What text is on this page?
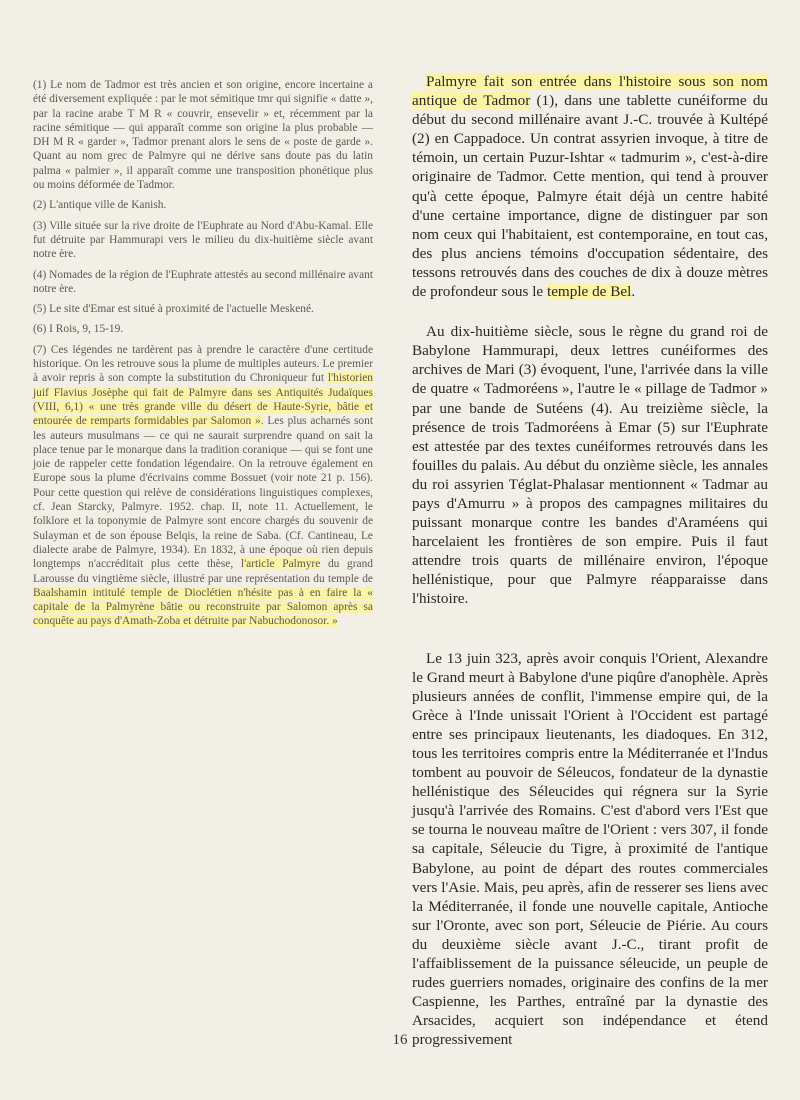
(1) Le nom de Tadmor est très ancien et son origine, encore incertaine a été diversement expliquée : par le mot sémitique tmr qui signifie « datte », par la racine arabe T M R « couvrir, ensevelir » et, récemment par la racine sémitique — qui apparaît comme son origine la plus probable — DH M R « garder », Tadmor prenant alors le sens de « poste de garde ». Quant au nom grec de Palmyre qui ne dérive sans doute pas du latin palma « palmier », il apparaît comme une transposition phonétique plus ou moins déformée de Tadmor.

(2) L'antique ville de Kanish.

(3) Ville située sur la rive droite de l'Euphrate au Nord d'Abu-Kamal. Elle fut détruite par Hammurapi vers le milieu du dix-huitième siècle avant notre ère.

(4) Nomades de la région de l'Euphrate attestés au second millénaire avant notre ère.

(5) Le site d'Emar est situé à proximité de l'actuelle Meskené.

(6) I Rois, 9, 15-19.

(7) Ces légendes ne tardèrent pas à prendre le caractère d'une certitude historique. On les retrouve sous la plume de multiples auteurs. Le premier à avoir repris à son compte la substitution du Chroniqueur fut l'historien juif Flavius Josèphe qui fait de Palmyre dans ses Antiquités Judaïques (VIII, 6,1) « une très grande ville du désert de Haute-Syrie, bâtie et entourée de remparts formidables par Salomon ». Les plus acharnés sont les auteurs musulmans — ce qui ne saurait surprendre quand on sait la place tenue par le monarque dans la tradition coranique — qui se font une joie de rappeler cette fondation légendaire. On la retrouve également en Europe sous la plume d'écrivains comme Bossuet (voir note 21 p. 156). Pour cette question qui relève de considérations linguistiques complexes, cf. Jean Starcky, Palmyre. 1952. chap. II, note 11. Actuellement, le folklore et la toponymie de Palmyre sont encore chargés du souvenir de Sulayman et de son épouse Belqis, la reine de Saba. (Cf. Cantineau, Le dialecte arabe de Palmyre, 1934). En 1832, à une époque où rien depuis longtemps n'accréditait plus cette thèse, l'article Palmyre du grand Larousse du vingtième siècle, illustré par une représentation du temple de Baalshamin intitulé temple de Dioclétien n'hésite pas à en faire la « capitale de la Palmyrène bâtie ou reconstruite par Salomon après sa conquête au pays d'Amath-Zoba et détruite par Nabuchodonosor. »

Palmyre fait son entrée dans l'histoire sous son nom antique de Tadmor (1), dans une tablette cunéiforme du début du second millénaire avant J.-C. trouvée à Kultépé (2) en Cappadoce. Un contrat assyrien invoque, à titre de témoin, un certain Puzur-Ishtar « tadmurim », c'est-à-dire originaire de Tadmor. Cette mention, qui tend à prouver qu'à cette époque, Palmyre était déjà un centre habité d'une certaine importance, digne de distinguer par son nom ceux qui l'habitaient, est contemporaine, en tout cas, des plus anciens témoins d'occupation sédentaire, des tessons retrouvés dans des couches de dix à douze mètres de profondeur sous le temple de Bel.

Au dix-huitième siècle, sous le règne du grand roi de Babylone Hammurapi, deux lettres cunéiformes des archives de Mari (3) évoquent, l'une, l'arrivée dans la ville de quatre « Tadmoréens », l'autre le « pillage de Tadmor » par une bande de Sutéens (4). Au treizième siècle, la présence de trois Tadmoréens à Emar (5) sur l'Euphrate est attestée par des textes cunéiformes retrouvés dans les fouilles du palais. Au début du onzième siècle, les annales du roi assyrien Téglat-Phalasar mentionnent « Tadmar au pays d'Amurru » à propos des campagnes militaires du puissant monarque contre les bandes d'Araméens qui harcelaient les frontières de son empire. Puis il faut attendre trois quarts de millénaire environ, l'époque hellénistique, pour que Palmyre réapparaisse dans l'histoire.

Le 13 juin 323, après avoir conquis l'Orient, Alexandre le Grand meurt à Babylone d'une piqûre d'anophèle. Après plusieurs années de conflit, l'immense empire qui, de la Grèce à l'Inde unissait l'Orient à l'Occident est partagé entre ses principaux lieutenants, les diadoques. En 312, tous les territoires compris entre la Méditerranée et l'Indus tombent au pouvoir de Séleucos, fondateur de la dynastie hellénistique des Séleucides qui régnera sur la Syrie jusqu'à l'arrivée des Romains. C'est d'abord vers l'Est que se tourna le nouveau maître de l'Orient : vers 307, il fonde sa capitale, Séleucie du Tigre, à proximité de l'antique Babylone, au point de départ des routes commerciales vers l'Asie. Mais, peu après, afin de resserer ses liens avec la Méditerranée, il fonde une nouvelle capitale, Antioche sur l'Oronte, avec son port, Séleucie de Piérie. Au cours du deuxième siècle avant J.-C., tirant profit de l'affaiblissement de la puissance séleucide, un peuple de rudes guerriers nomades, originaire des confins de la mer Caspienne, les Parthes, entraîné par la dynastie des Arsacides, acquiert son indépendance et étend progressivement

16
